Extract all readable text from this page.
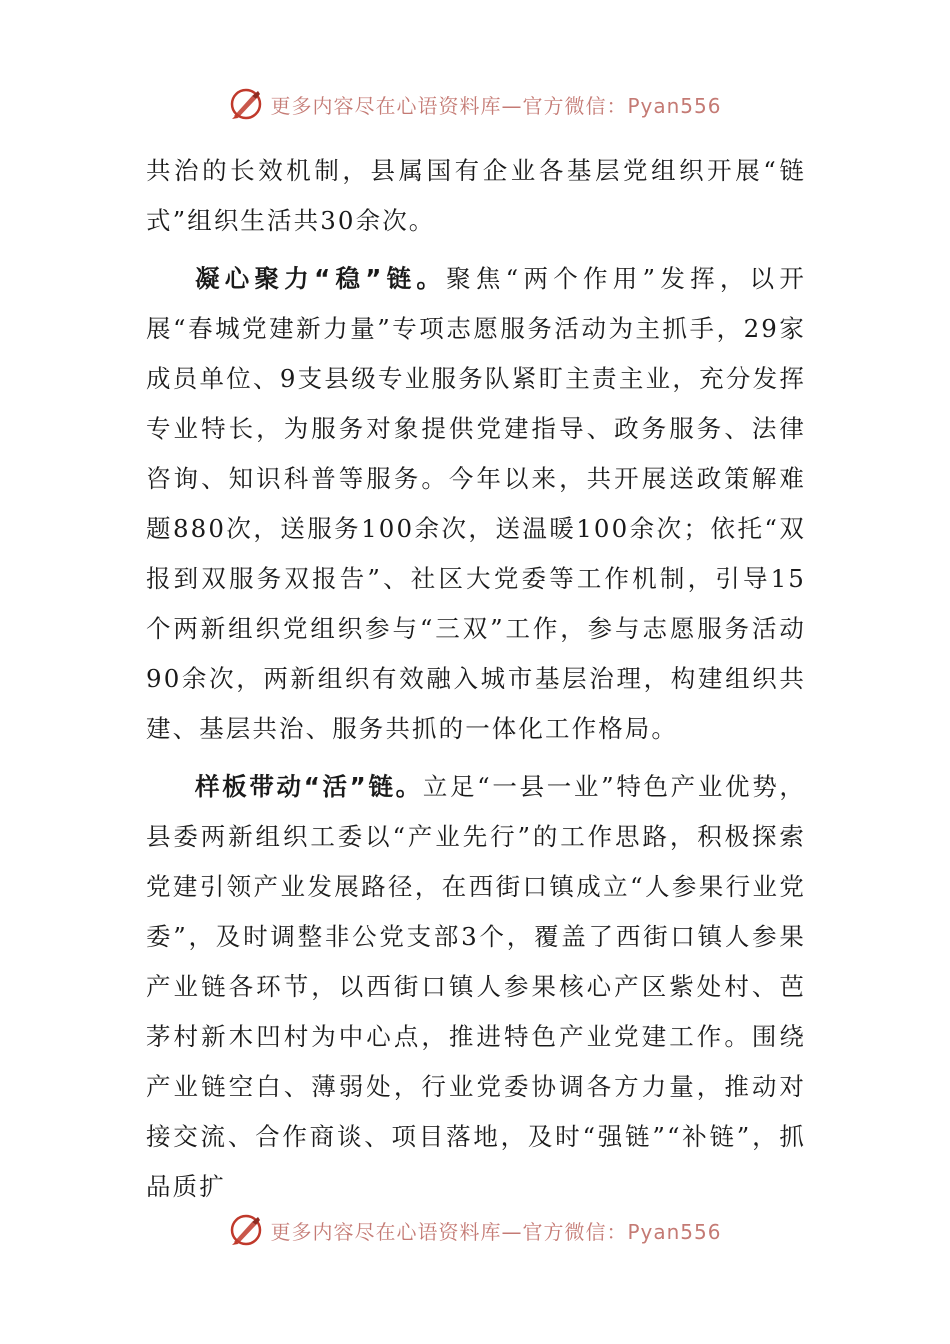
更多内容尽在心语资料库—官方微信：Pyan556

共治的长效机制，县属国有企业各基层党组织开展“链式”组织生活共30余次。

凝心聚力“稳”链。聚焦“两个作用”发挥，以开展“春城党建新力量”专项志愿服务活动为主抓手，29家成员单位、9支县级专业服务队紧盯主责主业，充分发挥专业特长，为服务对象提供党建指导、政务服务、法律咨询、知识科普等服务。今年以来，共开展送政策解难题880次，送服务100余次，送温暖100余次；依托“双报到双服务双报告”、社区大党委等工作机制，引导15个两新组织党组织参与“三双”工作，参与志愿服务活动90余次，两新组织有效融入城市基层治理，构建组织共建、基层共治、服务共抓的一体化工作格局。

样板带动“活”链。立足“一县一业”特色产业优势，县委两新组织工委以“产业先行”的工作思路，积极探索党建引领产业发展路径，在西街口镇成立“人参果行业党委”，及时调整非公党支部3个，覆盖了西街口镇人参果产业链各环节，以西街口镇人参果核心产区紫处村、芭茅村新木凹村为中心点，推进特色产业党建工作。围绕产业链空白、薄弱处，行业党委协调各方力量，推动对接交流、合作商谈、项目落地，及时“强链”“补链”，抓品质扩

更多内容尽在心语资料库—官方微信：Pyan556
